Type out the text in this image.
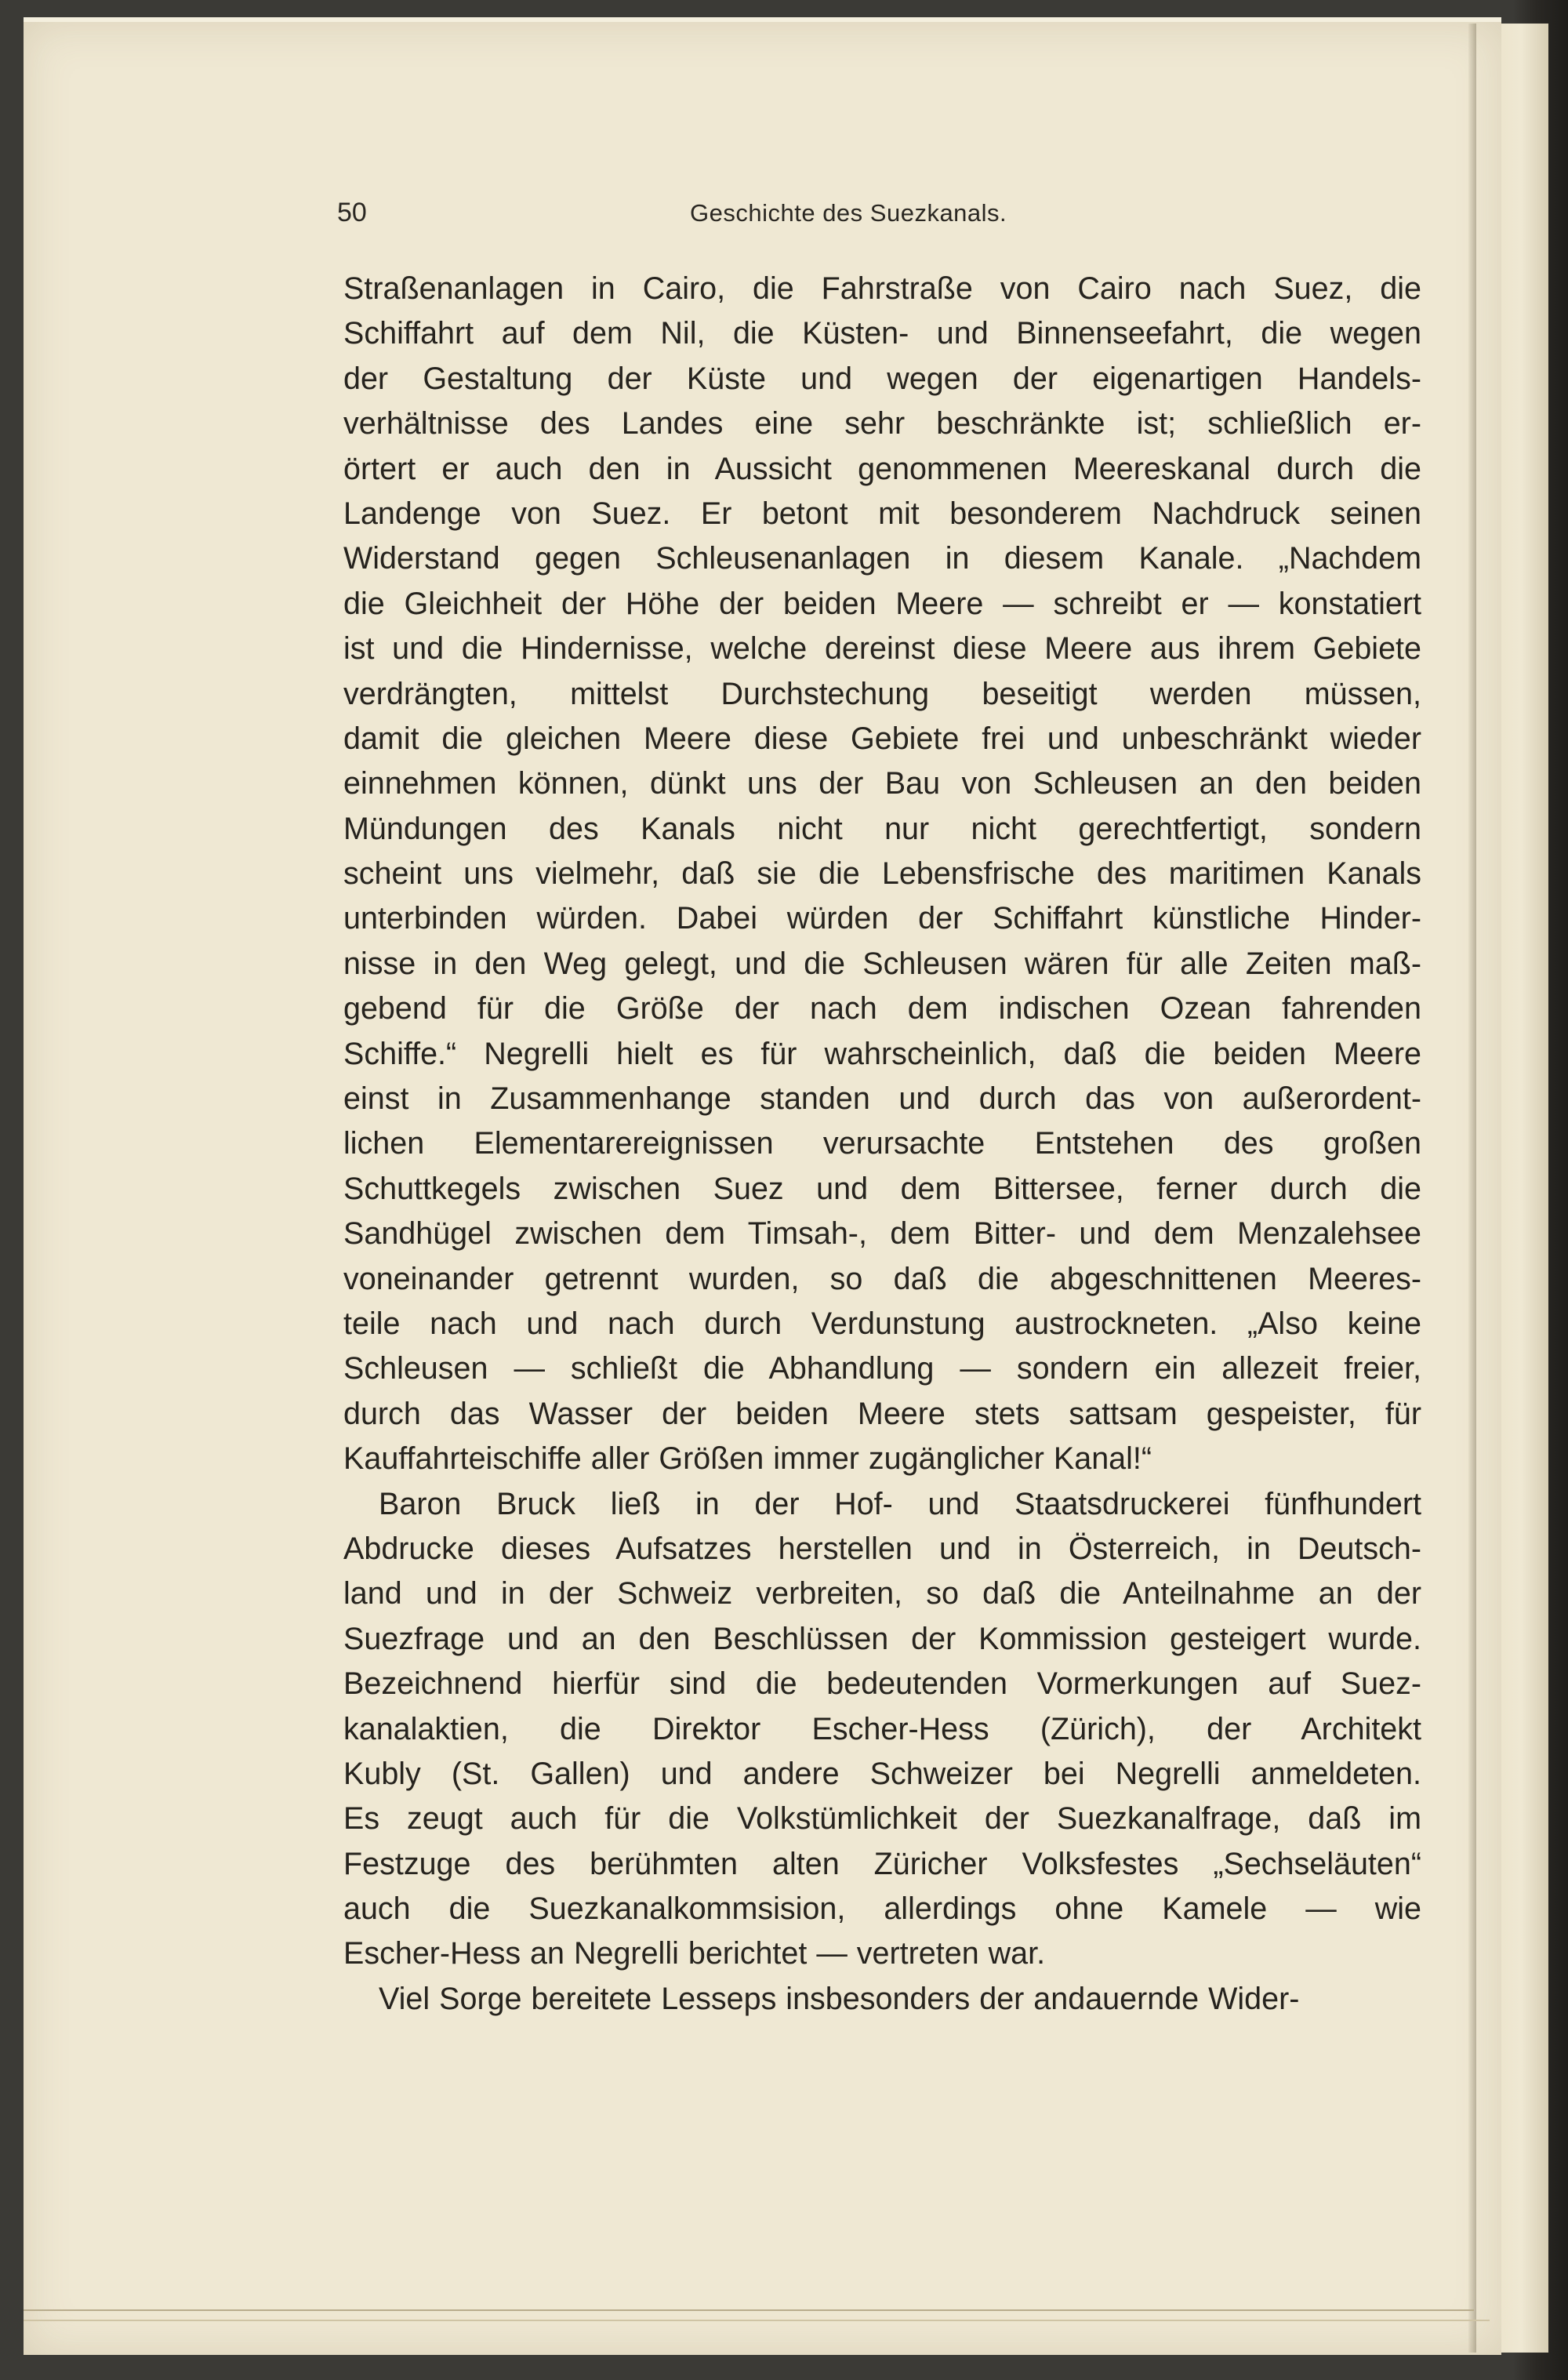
50	Geschichte des Suezkanals.
Straßenanlagen in Cairo, die Fahrstraße von Cairo nach Suez, die
Schiffahrt auf dem Nil, die Küsten- und Binnenseefahrt, die wegen
der Gestaltung der Küste und wegen der eigenartigen Handels-
verhältnisse des Landes eine sehr beschränkte ist; schließlich er-
örtert er auch den in Aussicht genommenen Meereskanal durch die
Landenge von Suez. Er betont mit besonderem Nachdruck seinen
Widerstand gegen Schleusenanlagen in diesem Kanale. „Nachdem
die Gleichheit der Höhe der beiden Meere — schreibt er — konstatiert
ist und die Hindernisse, welche dereinst diese Meere aus ihrem Gebiete
verdrängten, mittelst Durchstechung beseitigt werden müssen,
damit die gleichen Meere diese Gebiete frei und unbeschränkt wieder
einnehmen können, dünkt uns der Bau von Schleusen an den beiden
Mündungen des Kanals nicht nur nicht gerechtfertigt, sondern
scheint uns vielmehr, daß sie die Lebensfrische des maritimen Kanals
unterbinden würden. Dabei würden der Schiffahrt künstliche Hinder-
nisse in den Weg gelegt, und die Schleusen wären für alle Zeiten maß-
gebend für die Größe der nach dem indischen Ozean fahrenden
Schiffe.“ Negrelli hielt es für wahrscheinlich, daß die beiden Meere
einst in Zusammenhange standen und durch das von außerordent-
lichen Elementarereignissen verursachte Entstehen des großen
Schuttkegels zwischen Suez und dem Bittersee, ferner durch die
Sandhügel zwischen dem Timsah-, dem Bitter- und dem Menzalehsee
voneinander getrennt wurden, so daß die abgeschnittenen Meeres-
teile nach und nach durch Verdunstung austrockneten. „Also keine
Schleusen — schließt die Abhandlung — sondern ein allezeit freier,
durch das Wasser der beiden Meere stets sattsam gespeister, für
Kauffahrteischiffe aller Größen immer zugänglicher Kanal!“
Baron Bruck ließ in der Hof- und Staatsdruckerei fünfhundert
Abdrucke dieses Aufsatzes herstellen und in Österreich, in Deutsch-
land und in der Schweiz verbreiten, so daß die Anteilnahme an der
Suezfrage und an den Beschlüssen der Kommission gesteigert wurde.
Bezeichnend hierfür sind die bedeutenden Vormerkungen auf Suez-
kanalaktien, die Direktor Escher-Hess (Zürich), der Architekt
Kubly (St. Gallen) und andere Schweizer bei Negrelli anmeldeten.
Es zeugt auch für die Volkstümlichkeit der Suezkanalfrage, daß im
Festzuge des berühmten alten Züricher Volksfestes „Sechseläuten“
auch die Suezkanalkommsision, allerdings ohne Kamele — wie
Escher-Hess an Negrelli berichtet — vertreten war.
Viel Sorge bereitete Lesseps insbesonders der andauernde Wider-
